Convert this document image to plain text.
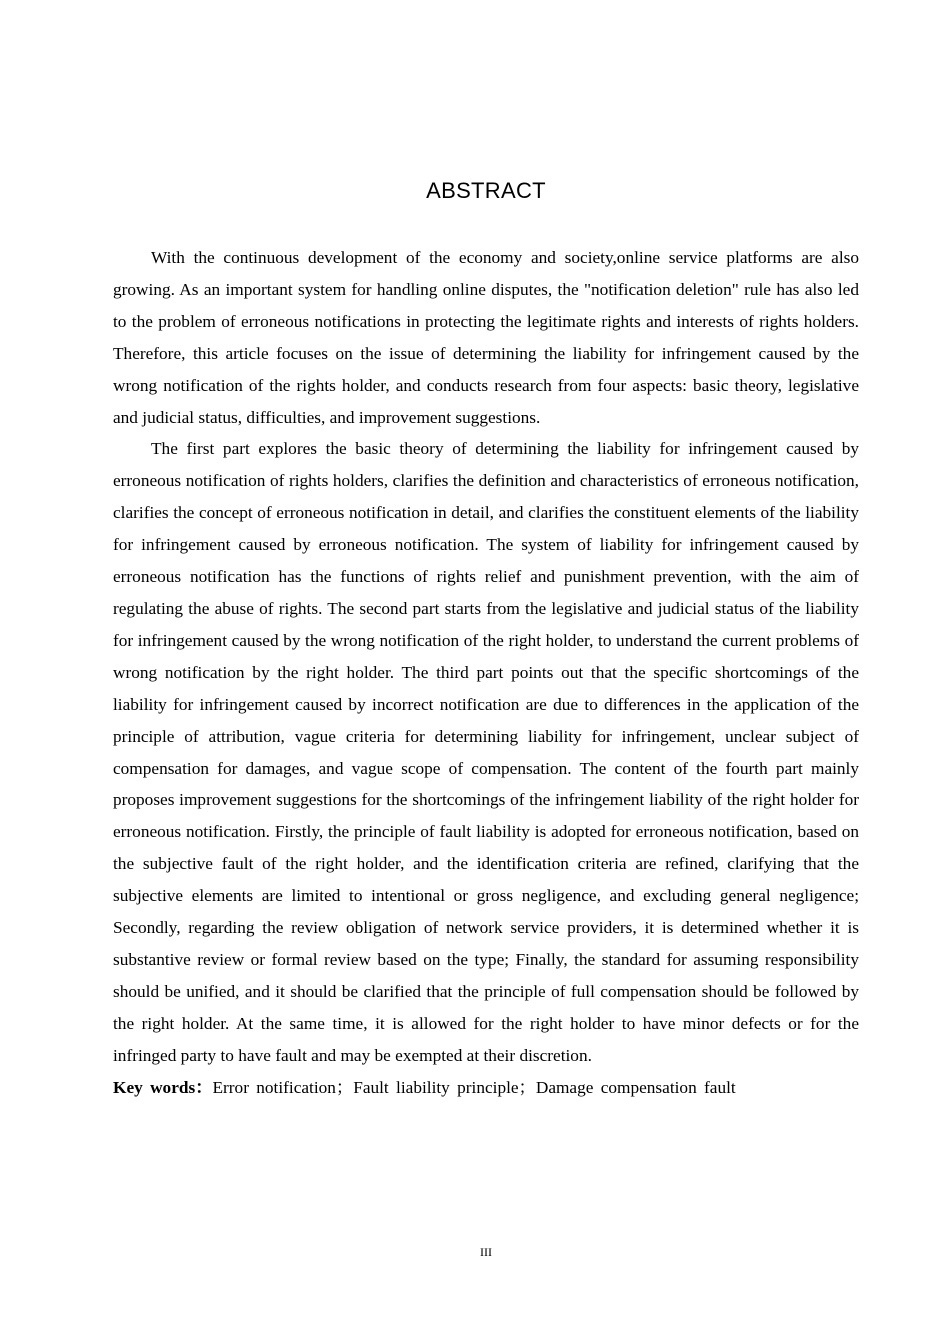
ABSTRACT

With the continuous development of the economy and society,online service platforms are also growing. As an important system for handling online disputes, the "notification deletion" rule has also led to the problem of erroneous notifications in protecting the legitimate rights and interests of rights holders. Therefore, this article focuses on the issue of determining the liability for infringement caused by the wrong notification of the rights holder, and conducts research from four aspects: basic theory, legislative and judicial status, difficulties, and improvement suggestions.

The first part explores the basic theory of determining the liability for infringement caused by erroneous notification of rights holders, clarifies the definition and characteristics of erroneous notification, clarifies the concept of erroneous notification in detail, and clarifies the constituent elements of the liability for infringement caused by erroneous notification. The system of liability for infringement caused by erroneous notification has the functions of rights relief and punishment prevention, with the aim of regulating the abuse of rights. The second part starts from the legislative and judicial status of the liability for infringement caused by the wrong notification of the right holder, to understand the current problems of wrong notification by the right holder. The third part points out that the specific shortcomings of the liability for infringement caused by incorrect notification are due to differences in the application of the principle of attribution, vague criteria for determining liability for infringement, unclear subject of compensation for damages, and vague scope of compensation. The content of the fourth part mainly proposes improvement suggestions for the shortcomings of the infringement liability of the right holder for erroneous notification. Firstly, the principle of fault liability is adopted for erroneous notification, based on the subjective fault of the right holder, and the identification criteria are refined, clarifying that the subjective elements are limited to intentional or gross negligence, and excluding general negligence; Secondly, regarding the review obligation of network service providers, it is determined whether it is substantive review or formal review based on the type; Finally, the standard for assuming responsibility should be unified, and it should be clarified that the principle of full compensation should be followed by the right holder. At the same time, it is allowed for the right holder to have minor defects or for the infringed party to have fault and may be exempted at their discretion.

Key words：Error notification；Fault liability principle；Damage compensation fault

III
